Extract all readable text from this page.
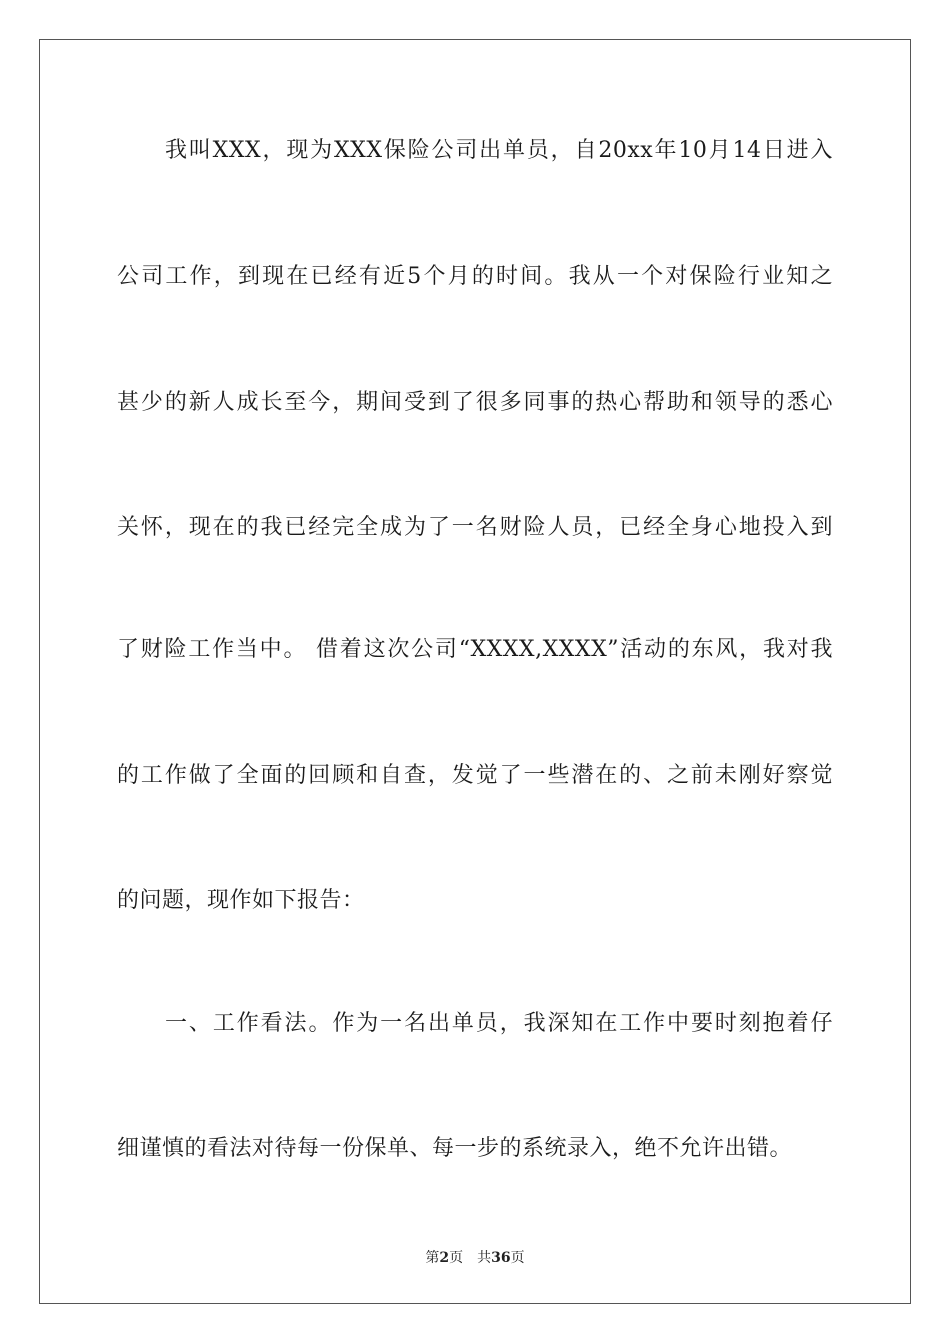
我叫XXX，现为XXX保险公司出单员，自20xx年10月14日进入
公司工作，到现在已经有近5个月的时间。我从一个对保险行业知之
甚少的新人成长至今，期间受到了很多同事的热心帮助和领导的悉心
关怀，现在的我已经完全成为了一名财险人员，已经全身心地投入到
了财险工作当中。 借着这次公司“XXXX,XXXX”活动的东风，我对我
的工作做了全面的回顾和自查，发觉了一些潜在的、之前未刚好察觉
的问题，现作如下报告：
一、工作看法。作为一名出单员，我深知在工作中要时刻抱着仔
细谨慎的看法对待每一份保单、每一步的系统录入，绝不允许出错。
第2页 共36页
